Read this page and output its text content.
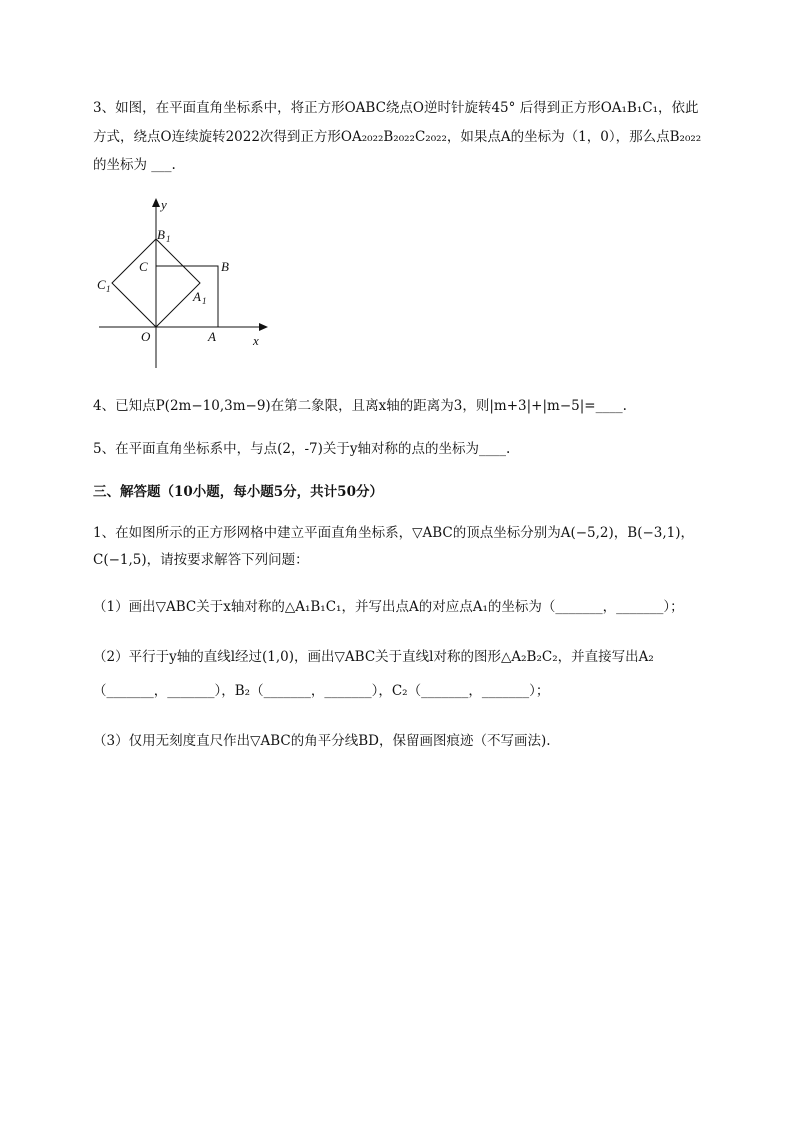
3、如图，在平面直角坐标系中，将正方形OABC绕点O逆时针旋转45° 后得到正方形OA₁B₁C₁，依此
方式，绕点O连续旋转2022次得到正方形OA₂₀₂₂B₂₀₂₂C₂₀₂₂，如果点A的坐标为（1，0），那么点B₂₀₂₂
的坐标为 ___.
y
B 1
C	B
C 1	A 1
O	A	x
4、已知点P(2m−10,3m−9)在第二象限，且离x轴的距离为3，则|m+3|+|m−5|=____.
5、在平面直角坐标系中，与点(2，-7)关于y轴对称的点的坐标为____.
三、解答题（10小题，每小题5分，共计50分）
1、在如图所示的正方形网格中建立平面直角坐标系，▽ABC的顶点坐标分别为A(−5,2)，B(−3,1)，
C(−1,5)，请按要求解答下列问题：
（1）画出▽ABC关于x轴对称的△A₁B₁C₁，并写出点A的对应点A₁的坐标为（_______，_______）；
（2）平行于y轴的直线l经过(1,0)，画出▽ABC关于直线l对称的图形△A₂B₂C₂，并直接写出A₂
（_______，_______），B₂（_______，_______），C₂（_______，_______）；
（3）仅用无刻度直尺作出▽ABC的角平分线BD，保留画图痕迹（不写画法).
